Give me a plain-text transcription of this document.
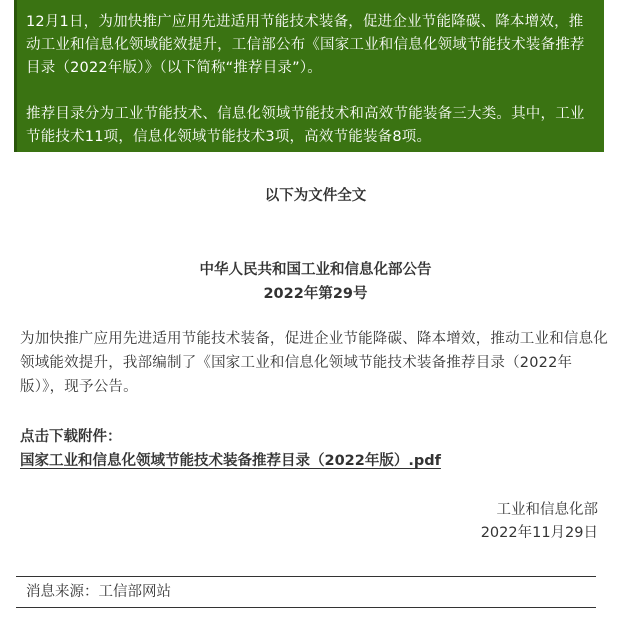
12月1日，为加快推广应用先进适用节能技术装备，促进企业节能降碳、降本增效，推动工业和信息化领域能效提升，工信部公布《国家工业和信息化领域节能技术装备推荐目录（2022年版）》（以下简称“推荐目录”）。

推荐目录分为工业节能技术、信息化领域节能技术和高效节能装备三大类。其中，工业节能技术11项，信息化领域节能技术3项，高效节能装备8项。

以下为文件全文
中华人民共和国工业和信息化部公告
2022年第29号

为加快推广应用先进适用节能技术装备，促进企业节能降碳、降本增效，推动工业和信息化领域能效提升，我部编制了《国家工业和信息化领域节能技术装备推荐目录（2022年版）》，现予公告。

点击下载附件：
国家工业和信息化领域节能技术装备推荐目录（2022年版）.pdf
工业和信息化部
2022年11月29日
消息来源：工信部网站
